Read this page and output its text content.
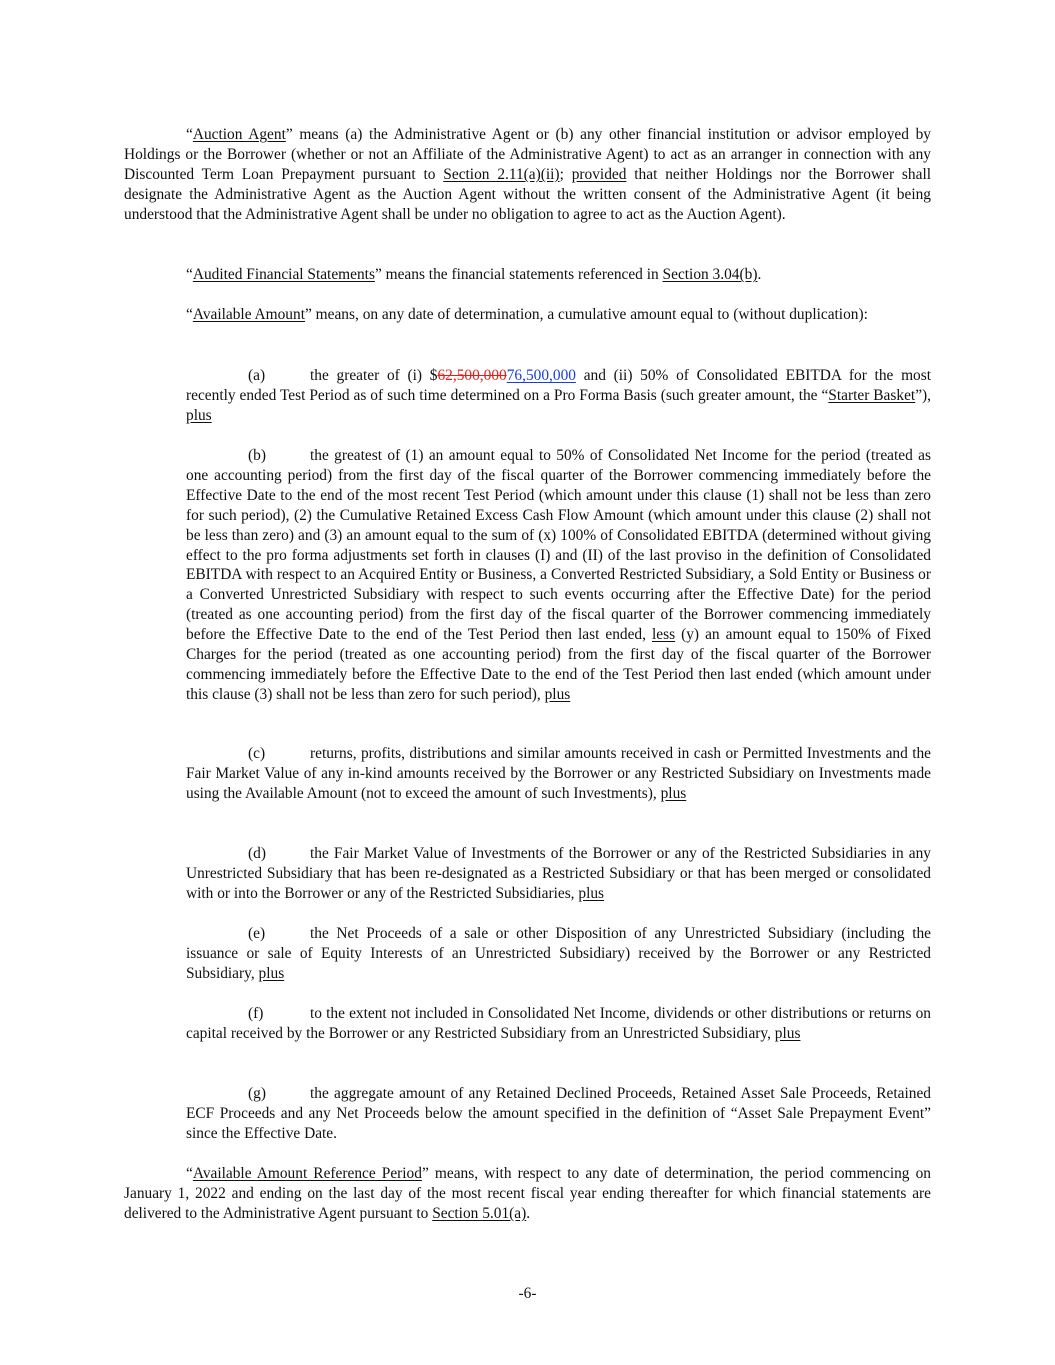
“Auction Agent” means (a) the Administrative Agent or (b) any other financial institution or advisor employed by Holdings or the Borrower (whether or not an Affiliate of the Administrative Agent) to act as an arranger in connection with any Discounted Term Loan Prepayment pursuant to Section 2.11(a)(ii); provided that neither Holdings nor the Borrower shall designate the Administrative Agent as the Auction Agent without the written consent of the Administrative Agent (it being understood that the Administrative Agent shall be under no obligation to agree to act as the Auction Agent).

“Audited Financial Statements” means the financial statements referenced in Section 3.04(b).

“Available Amount” means, on any date of determination, a cumulative amount equal to (without duplication):

(a)	the greater of (i) $62,500,00076,500,000 and (ii) 50% of Consolidated EBITDA for the most recently ended Test Period as of such time determined on a Pro Forma Basis (such greater amount, the “Starter Basket”), plus

(b)	the greatest of (1) an amount equal to 50% of Consolidated Net Income for the period (treated as one accounting period) from the first day of the fiscal quarter of the Borrower commencing immediately before the Effective Date to the end of the most recent Test Period (which amount under this clause (1) shall not be less than zero for such period), (2) the Cumulative Retained Excess Cash Flow Amount (which amount under this clause (2) shall not be less than zero) and (3) an amount equal to the sum of (x) 100% of Consolidated EBITDA (determined without giving effect to the pro forma adjustments set forth in clauses (I) and (II) of the last proviso in the definition of Consolidated EBITDA with respect to an Acquired Entity or Business, a Converted Restricted Subsidiary, a Sold Entity or Business or a Converted Unrestricted Subsidiary with respect to such events occurring after the Effective Date) for the period (treated as one accounting period) from the first day of the fiscal quarter of the Borrower commencing immediately before the Effective Date to the end of the Test Period then last ended, less (y) an amount equal to 150% of Fixed Charges for the period (treated as one accounting period) from the first day of the fiscal quarter of the Borrower commencing immediately before the Effective Date to the end of the Test Period then last ended (which amount under this clause (3) shall not be less than zero for such period), plus

(c)	returns, profits, distributions and similar amounts received in cash or Permitted Investments and the Fair Market Value of any in-kind amounts received by the Borrower or any Restricted Subsidiary on Investments made using the Available Amount (not to exceed the amount of such Investments), plus

(d)	the Fair Market Value of Investments of the Borrower or any of the Restricted Subsidiaries in any Unrestricted Subsidiary that has been re-designated as a Restricted Subsidiary or that has been merged or consolidated with or into the Borrower or any of the Restricted Subsidiaries, plus

(e)	the Net Proceeds of a sale or other Disposition of any Unrestricted Subsidiary (including the issuance or sale of Equity Interests of an Unrestricted Subsidiary) received by the Borrower or any Restricted Subsidiary, plus

(f)	to the extent not included in Consolidated Net Income, dividends or other distributions or returns on capital received by the Borrower or any Restricted Subsidiary from an Unrestricted Subsidiary, plus

(g)	the aggregate amount of any Retained Declined Proceeds, Retained Asset Sale Proceeds, Retained ECF Proceeds and any Net Proceeds below the amount specified in the definition of “Asset Sale Prepayment Event” since the Effective Date.

“Available Amount Reference Period” means, with respect to any date of determination, the period commencing on January 1, 2022 and ending on the last day of the most recent fiscal year ending thereafter for which financial statements are delivered to the Administrative Agent pursuant to Section 5.01(a).

-6-
